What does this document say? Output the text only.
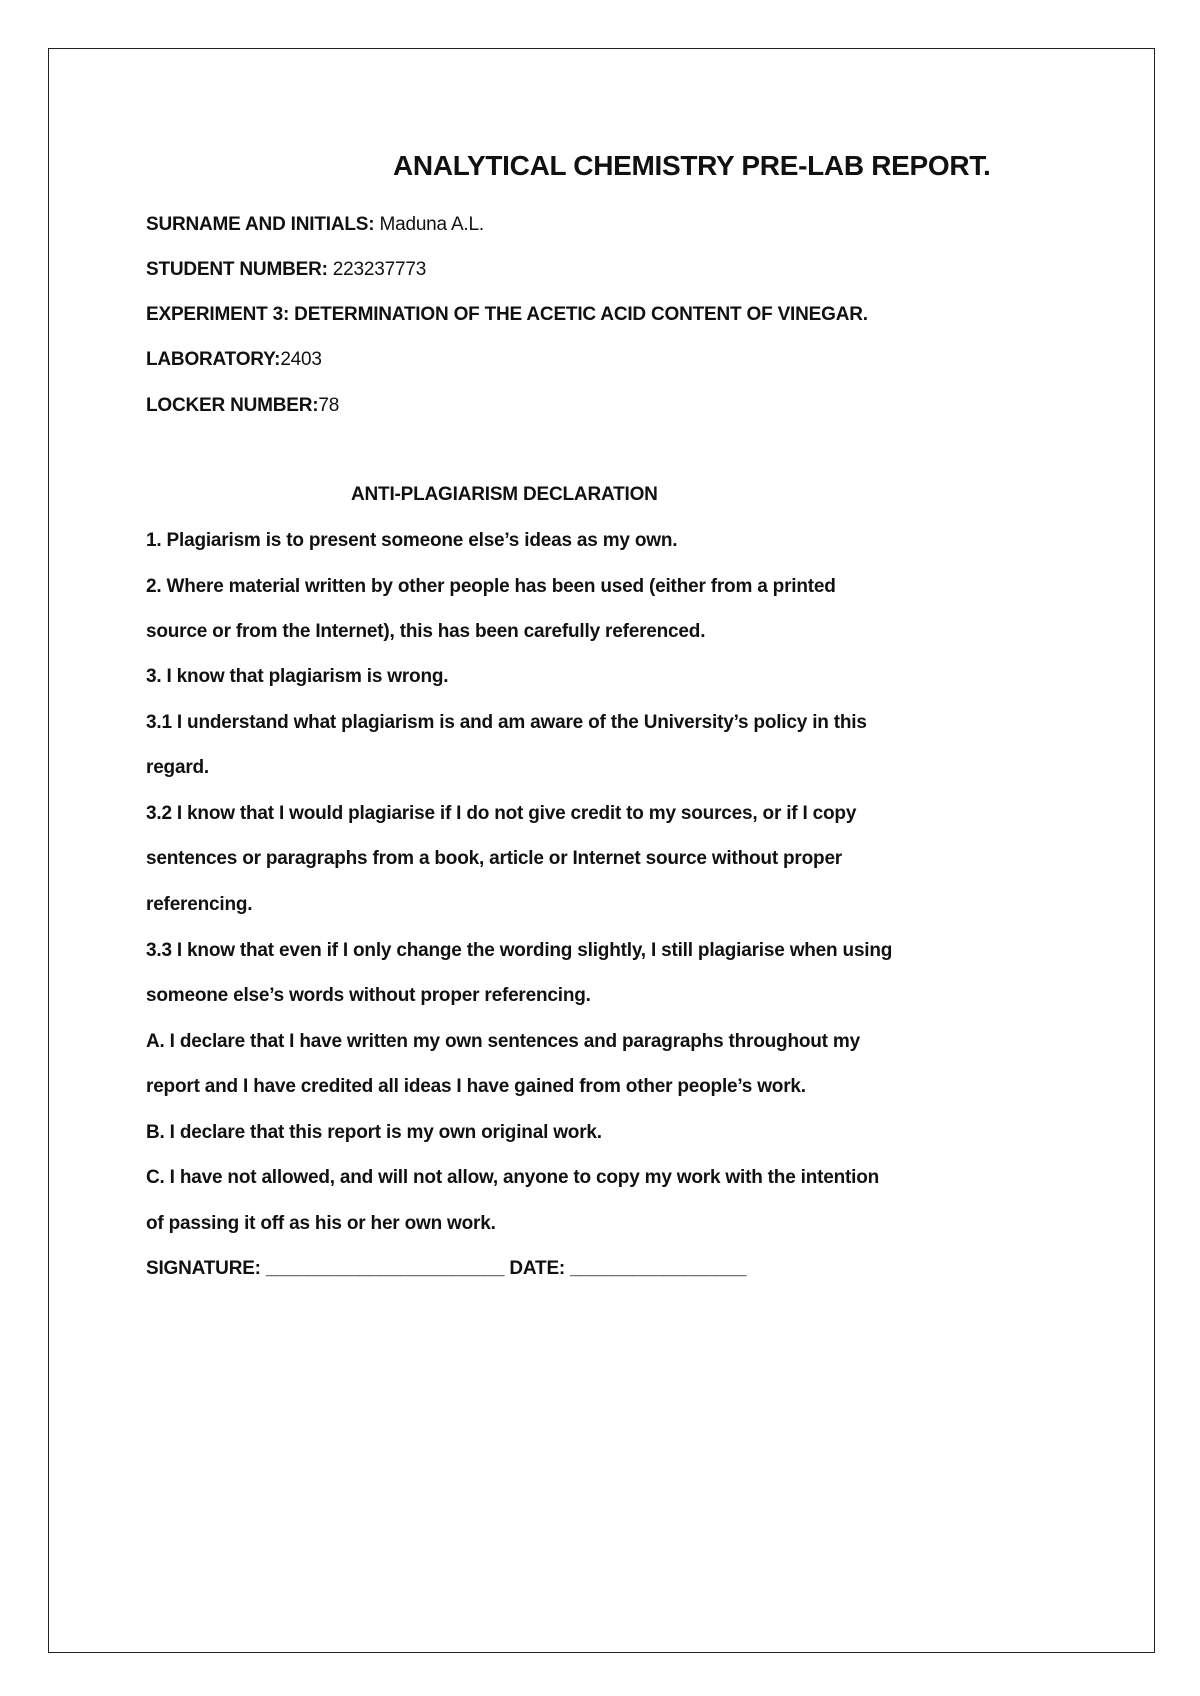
ANALYTICAL CHEMISTRY PRE-LAB REPORT.
SURNAME AND INITIALS: Maduna A.L.
STUDENT NUMBER: 223237773
EXPERIMENT 3: DETERMINATION OF THE ACETIC ACID CONTENT OF VINEGAR.
LABORATORY:2403
LOCKER NUMBER:78
ANTI-PLAGIARISM DECLARATION
1. Plagiarism is to present someone else’s ideas as my own.
2. Where material written by other people has been used (either from a printed
source or from the Internet), this has been carefully referenced.
3. I know that plagiarism is wrong.
3.1 I understand what plagiarism is and am aware of the University’s policy in this
regard.
3.2 I know that I would plagiarise if I do not give credit to my sources, or if I copy
sentences or paragraphs from a book, article or Internet source without proper
referencing.
3.3 I know that even if I only change the wording slightly, I still plagiarise when using
someone else’s words without proper referencing.
A. I declare that I have written my own sentences and paragraphs throughout my
report and I have credited all ideas I have gained from other people’s work.
B. I declare that this report is my own original work.
C. I have not allowed, and will not allow, anyone to copy my work with the intention
of passing it off as his or her own work.
SIGNATURE: _______________________ DATE: _________________
